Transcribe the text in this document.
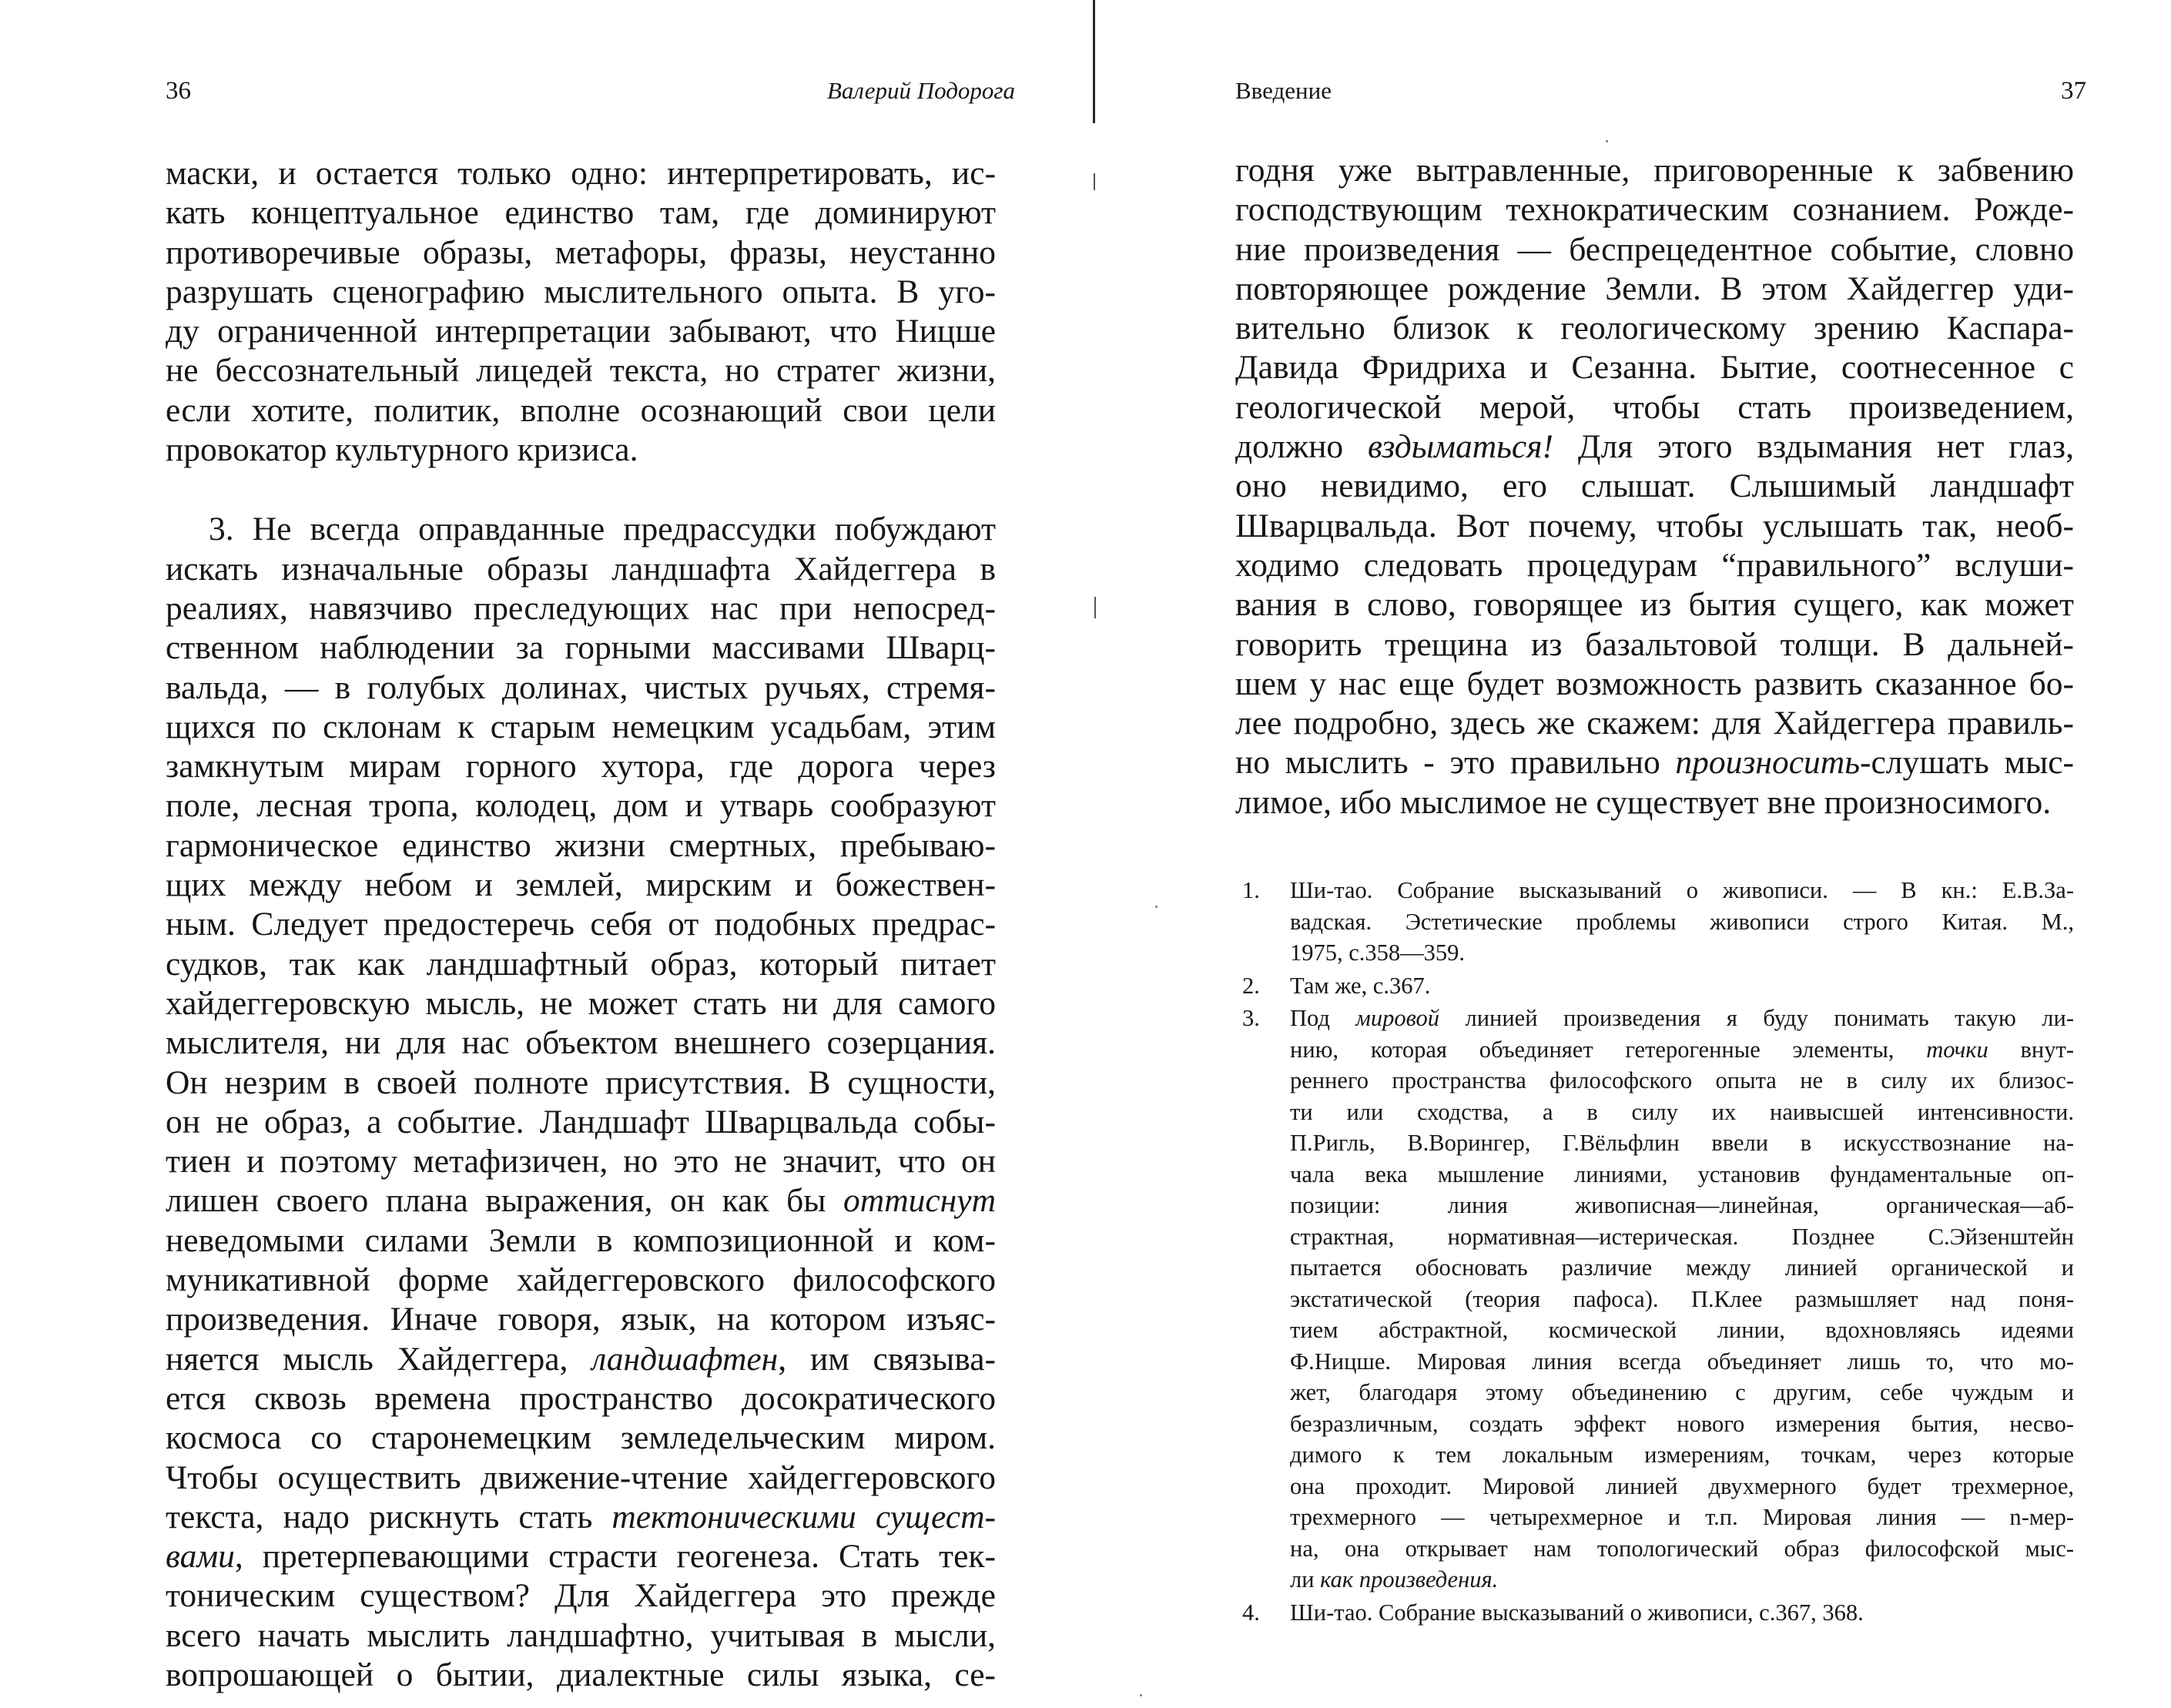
36	Валерий Подорога
маски, и остается только одно: интерпретировать, ис-
кать концептуальное единство там, где доминируют
противоречивые образы, метафоры, фразы, неустанно
разрушать сценографию мыслительного опыта. В уго-
ду ограниченной интерпретации забывают, что Ницше
не бессознательный лицедей текста, но стратег жизни,
если хотите, политик, вполне осознающий свои цели
провокатор культурного кризиса.
3. Не всегда оправданные предрассудки побуждают
искать изначальные образы ландшафта Хайдеггера в
реалиях, навязчиво преследующих нас при непосред-
ственном наблюдении за горными массивами Шварц-
вальда, — в голубых долинах, чистых ручьях, стремя-
щихся по склонам к старым немецким усадьбам, этим
замкнутым мирам горного хутора, где дорога через
поле, лесная тропа, колодец, дом и утварь сообразуют
гармоническое единство жизни смертных, пребываю-
щих между небом и землей, мирским и божествен-
ным. Следует предостеречь себя от подобных предрас-
судков, так как ландшафтный образ, который питает
хайдеггеровскую мысль, не может стать ни для самого
мыслителя, ни для нас объектом внешнего созерцания.
Он незрим в своей полноте присутствия. В сущности,
он не образ, а событие. Ландшафт Шварцвальда собы-
тиен и поэтому метафизичен, но это не значит, что он
лишен своего плана выражения, он как бы оттиснут
неведомыми силами Земли в композиционной и ком-
муникативной форме хайдеггеровского философского
произведения. Иначе говоря, язык, на котором изъяс-
няется мысль Хайдеггера, ландшафтен, им связыва-
ется сквозь времена пространство досократического
космоса со старонемецким земледельческим миром.
Чтобы осуществить движение-чтение хайдеггеровского
текста, надо рискнуть стать тектоническими сущест-
вами, претерпевающими страсти геогенеза. Стать тек-
тоническим существом? Для Хайдеггера это прежде
всего начать мыслить ландшафтно, учитывая в мысли,
вопрошающей о бытии, диалектные силы языка, се-
Введение	37
годня уже вытравленные, приговоренные к забвению
господствующим технократическим сознанием. Рожде-
ние произведения — беспрецедентное событие, словно
повторяющее рождение Земли. В этом Хайдеггер уди-
вительно близок к геологическому зрению Каспара-
Давида Фридриха и Сезанна. Бытие, соотнесенное с
геологической мерой, чтобы стать произведением,
должно вздыматься! Для этого вздымания нет глаз,
оно невидимо, его слышат. Слышимый ландшафт
Шварцвальда. Вот почему, чтобы услышать так, необ-
ходимо следовать процедурам “правильного” вслуши-
вания в слово, говорящее из бытия сущего, как может
говорить трещина из базальтовой толщи. В дальней-
шем у нас еще будет возможность развить сказанное бо-
лее подробно, здесь же скажем: для Хайдеггера правиль-
но мыслить - это правильно произносить-слушать мыс-
лимое, ибо мыслимое не существует вне произносимого.
1. Ши-тао. Собрание высказываний о живописи. — В кн.: Е.В.За-
вадская. Эстетические проблемы живописи строго Китая. М.,
1975, с.358—359.
2. Там же, с.367.
3. Под мировой линией произведения я буду понимать такую ли-
нию, которая объединяет гетерогенные элементы, точки внут-
реннего пространства философского опыта не в силу их близос-
ти или сходства, а в силу их наивысшей интенсивности.
П.Ригль, В.Ворингер, Г.Вёльфлин ввели в искусствознание на-
чала века мышление линиями, установив фундаментальные оп-
позиции: линия живописная—линейная, органическая—аб-
страктная, нормативная—истерическая. Позднее С.Эйзенштейн
пытается обосновать различие между линией органической и
экстатической (теория пафоса). П.Клее размышляет над поня-
тием абстрактной, космической линии, вдохновляясь идеями
Ф.Ницше. Мировая линия всегда объединяет лишь то, что мо-
жет, благодаря этому объединению с другим, себе чуждым и
безразличным, создать эффект нового измерения бытия, несво-
димого к тем локальным измерениям, точкам, через которые
она проходит. Мировой линией двухмерного будет трехмерное,
трехмерного — четырехмерное и т.п. Мировая линия — n-мер-
на, она открывает нам топологический образ философской мыс-
ли как произведения.
4. Ши-тао. Собрание высказываний о живописи, с.367, 368.
